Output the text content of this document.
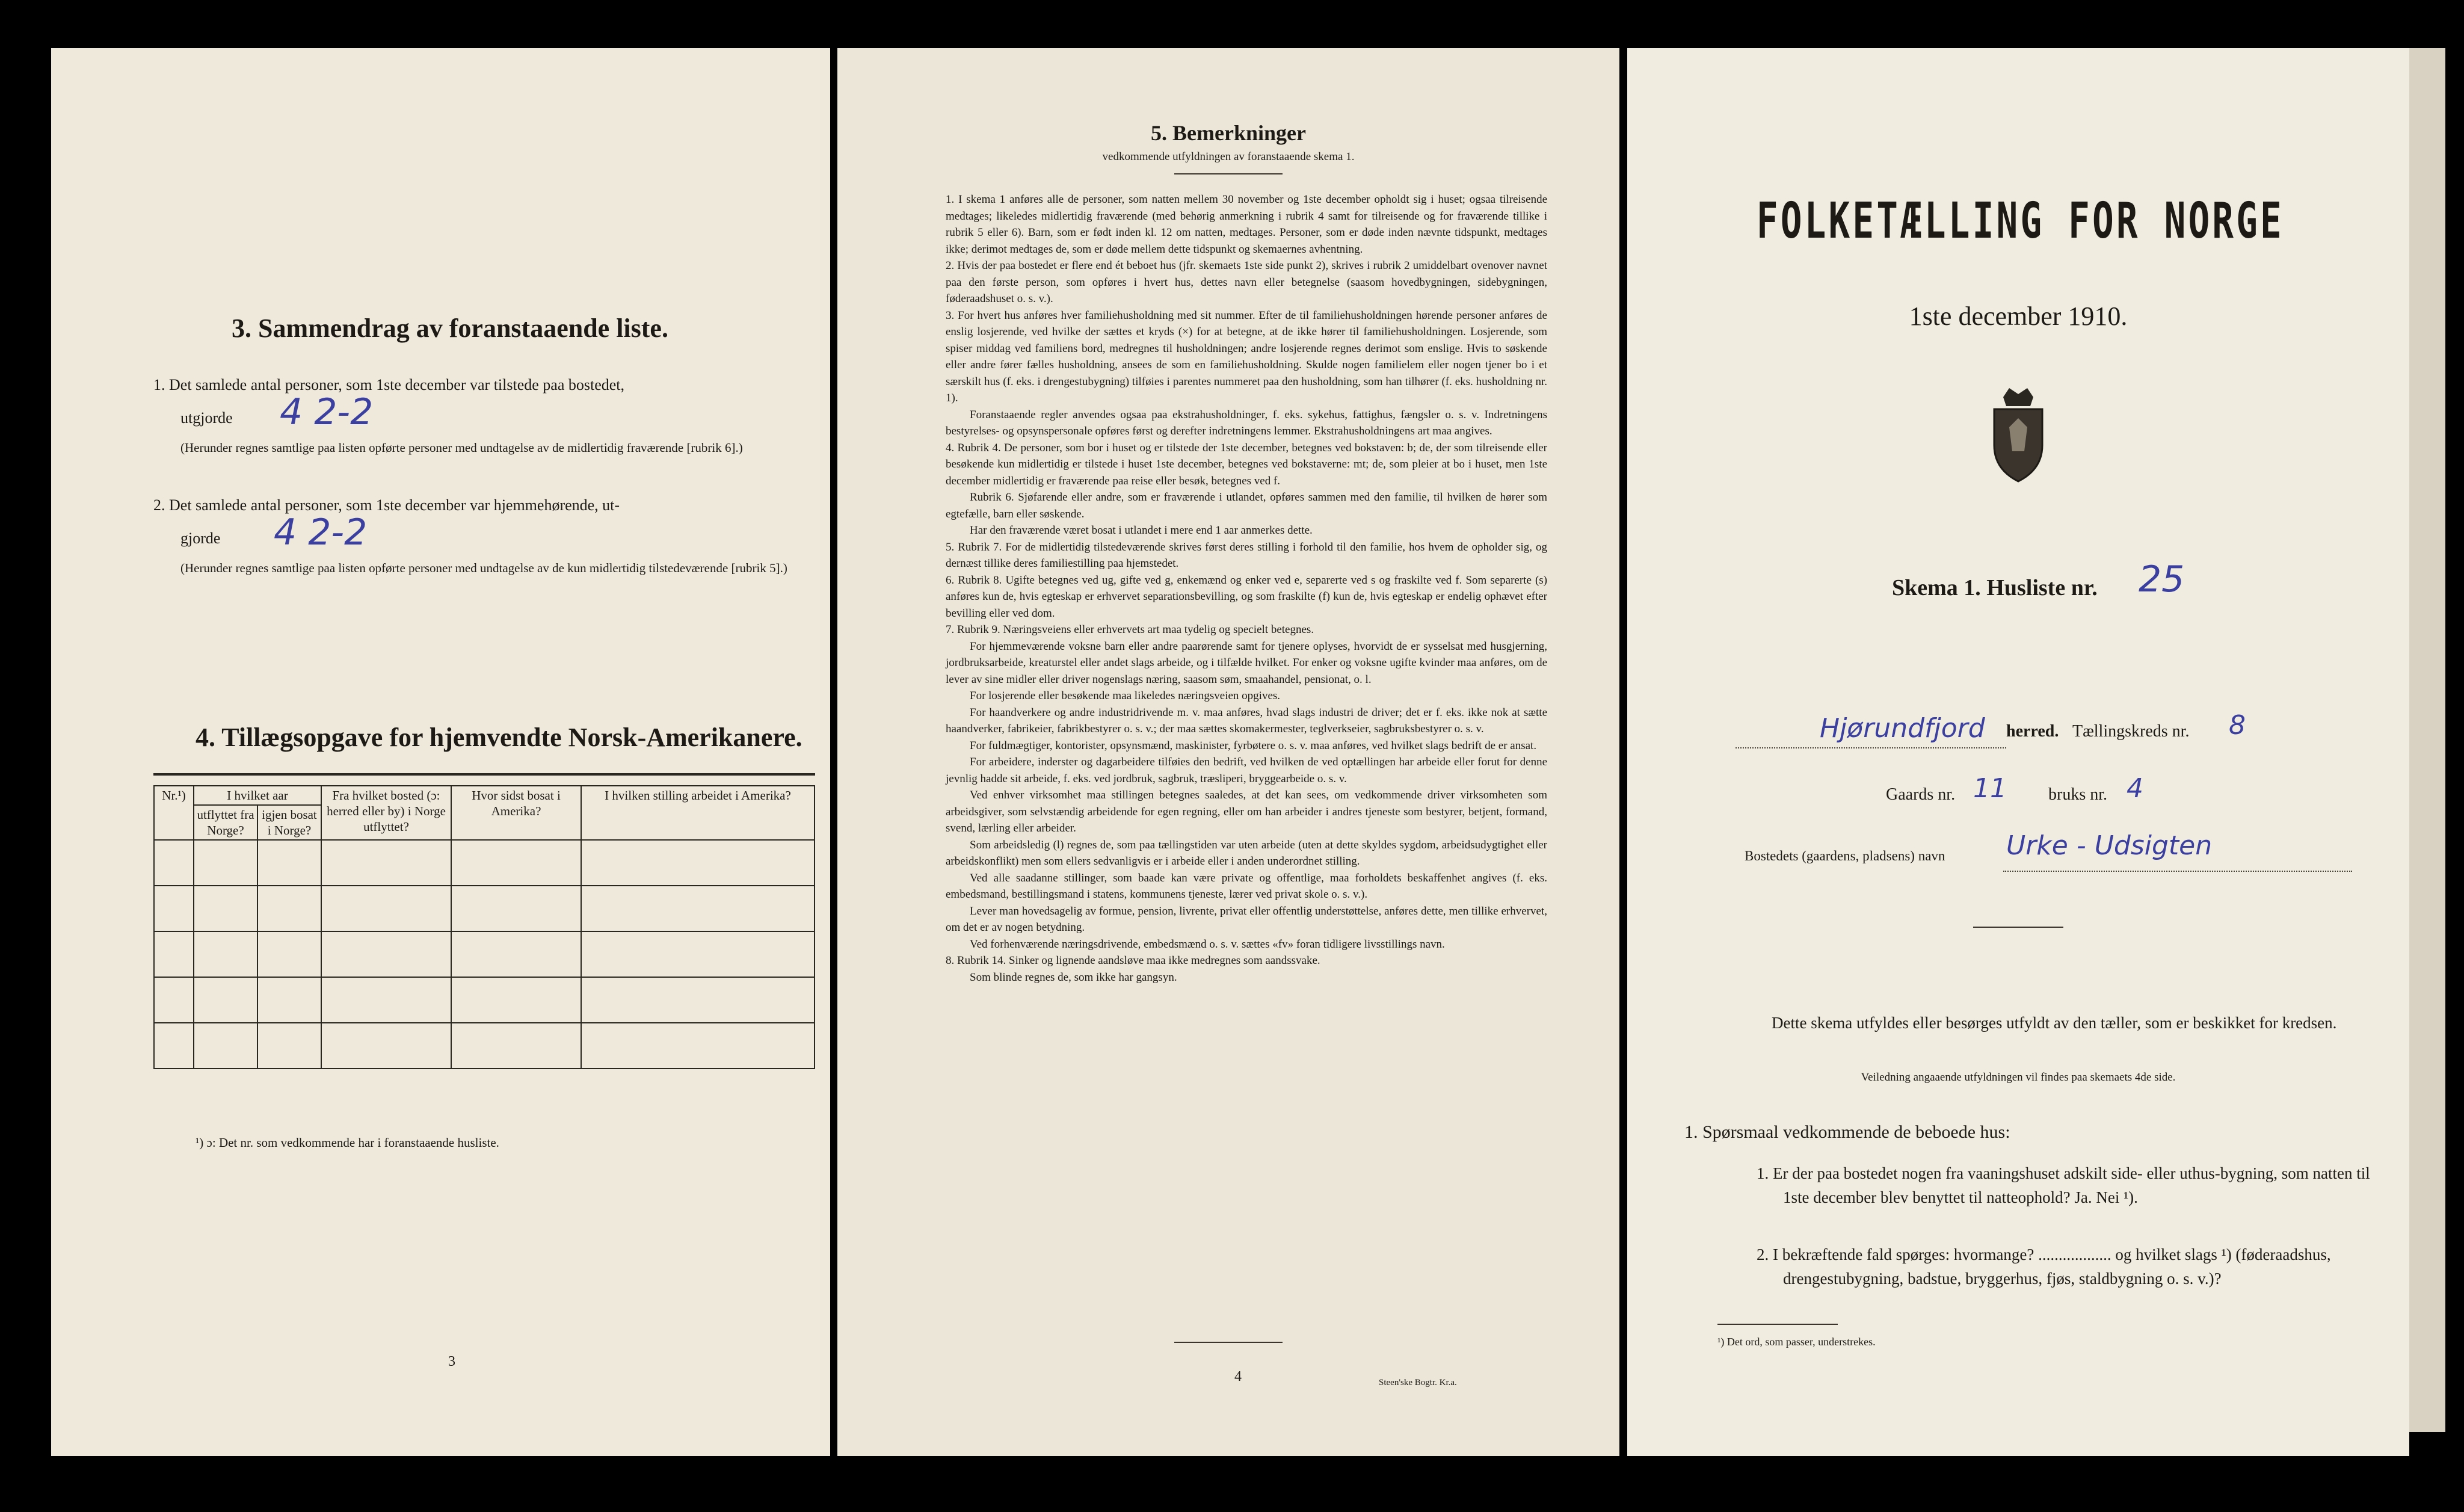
3. Sammendrag av foranstaaende liste.
1. Det samlede antal personer, som 1ste december var tilstede paa bostedet,
utgjorde 4 2-2
(Herunder regnes samtlige paa listen opførte personer med undtagelse av de midlertidig fraværende [rubrik 6].)
2. Det samlede antal personer, som 1ste december var hjemmehørende, ut-
gjorde 4 2-2
(Herunder regnes samtlige paa listen opførte personer med undtagelse av de kun midlertidig tilstedeværende [rubrik 5].)
4. Tillægsopgave for hjemvendte Norsk-Amerikanere.
Nr.¹)	I hvilket aar		Fra hvilket bosted (ɔ: herred eller by) i Norge utflyttet?	Hvor sidst bosat i Amerika?	I hvilken stilling arbeidet i Amerika?
	utflyttet fra Norge?	igjen bosat i Norge?			

¹) ɔ: Det nr. som vedkommende har i foranstaaende husliste.
3
5. Bemerkninger
vedkommende utfyldningen av foranstaaende skema 1.

1. I skema 1 anføres alle de personer, som natten mellem 30 november og 1ste december opholdt sig i huset; ogsaa tilreisende medtages; likeledes midlertidig fraværende (med behørig anmerkning i rubrik 4 samt for tilreisende og for fraværende tillike i rubrik 5 eller 6). Barn, som er født inden kl. 12 om natten, medtages. Personer, som er døde inden nævnte tidspunkt, medtages ikke; derimot medtages de, som er døde mellem dette tidspunkt og skemaernes avhentning.

2. Hvis der paa bostedet er flere end ét beboet hus (jfr. skemaets 1ste side punkt 2), skrives i rubrik 2 umiddelbart ovenover navnet paa den første person, som opføres i hvert hus, dettes navn eller betegnelse (saasom hovedbygningen, sidebygningen, føderaadshuset o. s. v.).

3. For hvert hus anføres hver familiehusholdning med sit nummer. Efter de til familiehusholdningen hørende personer anføres de enslig losjerende, ved hvilke der sættes et kryds (×) for at betegne, at de ikke hører til familiehusholdningen. Losjerende, som spiser middag ved familiens bord, medregnes til husholdningen; andre losjerende regnes derimot som enslige. Hvis to søskende eller andre fører fælles husholdning, ansees de som en familiehusholdning. Skulde nogen familielem eller nogen tjener bo i et særskilt hus (f. eks. i drengestubygning) tilføies i parentes nummeret paa den husholdning, som han tilhører (f. eks. husholdning nr. 1).

Foranstaaende regler anvendes ogsaa paa ekstrahusholdninger, f. eks. sykehus, fattighus, fængsler o. s. v. Indretningens bestyrelses- og opsynspersonale opføres først og derefter indretningens lemmer. Ekstrahusholdningens art maa angives.

4. Rubrik 4. De personer, som bor i huset og er tilstede der 1ste december, betegnes ved bokstaven: b; de, der som tilreisende eller besøkende kun midlertidig er tilstede i huset 1ste december, betegnes ved bokstaverne: mt; de, som pleier at bo i huset, men 1ste december midlertidig er fraværende paa reise eller besøk, betegnes ved f.

Rubrik 6. Sjøfarende eller andre, som er fraværende i utlandet, opføres sammen med den familie, til hvilken de hører som egtefælle, barn eller søskende.

Har den fraværende været bosat i utlandet i mere end 1 aar anmerkes dette.

5. Rubrik 7. For de midlertidig tilstedeværende skrives først deres stilling i forhold til den familie, hos hvem de opholder sig, og dernæst tillike deres familiestilling paa hjemstedet.

6. Rubrik 8. Ugifte betegnes ved ug, gifte ved g, enkemænd og enker ved e, separerte ved s og fraskilte ved f. Som separerte (s) anføres kun de, hvis egteskap er erhvervet separationsbevilling, og som fraskilte (f) kun de, hvis egteskap er endelig ophævet efter bevilling eller ved dom.

7. Rubrik 9. Næringsveiens eller erhvervets art maa tydelig og specielt betegnes.

For hjemmeværende voksne barn eller andre paarørende samt for tjenere oplyses, hvorvidt de er sysselsat med husgjerning, jordbruksarbeide, kreaturstel eller andet slags arbeide, og i tilfælde hvilket. For enker og voksne ugifte kvinder maa anføres, om de lever av sine midler eller driver nogenslags næring, saasom søm, smaahandel, pensionat, o. l.

For losjerende eller besøkende maa likeledes næringsveien opgives.

For haandverkere og andre industridrivende m. v. maa anføres, hvad slags industri de driver; det er f. eks. ikke nok at sætte haandverker, fabrikeier, fabrikbestyrer o. s. v.; der maa sættes skomakermester, teglverkseier, sagbruksbestyrer o. s. v.

For fuldmægtiger, kontorister, opsynsmænd, maskinister, fyrbøtere o. s. v. maa anføres, ved hvilket slags bedrift de er ansat.

For arbeidere, inderster og dagarbeidere tilføies den bedrift, ved hvilken de ved optællingen har arbeide eller forut for denne jevnlig hadde sit arbeide, f. eks. ved jordbruk, sagbruk, træsliperi, bryggearbeide o. s. v.

Ved enhver virksomhet maa stillingen betegnes saaledes, at det kan sees, om vedkommende driver virksomheten som arbeidsgiver, som selvstændig arbeidende for egen regning, eller om han arbeider i andres tjeneste som bestyrer, betjent, formand, svend, lærling eller arbeider.

Som arbeidsledig (l) regnes de, som paa tællingstiden var uten arbeide (uten at dette skyldes sygdom, arbeidsudygtighet eller arbeidskonflikt) men som ellers sedvanligvis er i arbeide eller i anden underordnet stilling.

Ved alle saadanne stillinger, som baade kan være private og offentlige, maa forholdets beskaffenhet angives (f. eks. embedsmand, bestillingsmand i statens, kommunens tjeneste, lærer ved privat skole o. s. v.).

Lever man hovedsagelig av formue, pension, livrente, privat eller offentlig understøttelse, anføres dette, men tillike erhvervet, om det er av nogen betydning.

Ved forhenværende næringsdrivende, embedsmænd o. s. v. sættes «fv» foran tidligere livsstillings navn.

8. Rubrik 14. Sinker og lignende aandsløve maa ikke medregnes som aandssvake.

Som blinde regnes de, som ikke har gangsyn.

4	Steen'ske Bogtr. Kr.a.
FOLKETÆLLING FOR NORGE
1ste december 1910.
Skema 1. Husliste nr. 25
Hjørundfjord herred. Tællingskreds nr. 8
Gaards nr. 11 bruks nr. 4
Bostedets (gaardens, pladsens) navn Urke - Udsigten
Dette skema utfyldes eller besørges utfyldt av den tæller, som er beskikket for kredsen.
Veiledning angaaende utfyldningen vil findes paa skemaets 4de side.
1. Spørsmaal vedkommende de beboede hus:
1. Er der paa bostedet nogen fra vaaningshuset adskilt side- eller uthus-bygning, som natten til 1ste december blev benyttet til natteophold? Ja. Nei ¹).
2. I bekræftende fald spørges: hvormange? .................. og hvilket slags ¹) (føderaadshus, drengestubygning, badstue, bryggerhus, fjøs, staldbygning o. s. v.)?
¹) Det ord, som passer, understrekes.
